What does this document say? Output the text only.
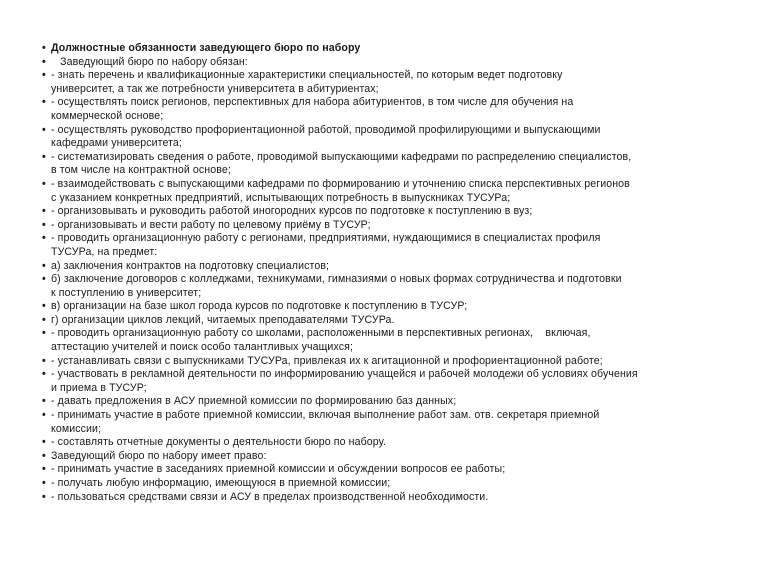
• Должностные обязанности заведующего бюро по набору
•   Заведующий бюро по набору обязан:
• - знать перечень и квалификационные характеристики специальностей, по которым ведет подготовку
университет, а так же потребности университета в абитуриентах;
• - осуществлять поиск регионов, перспективных для набора абитуриентов, в том числе для обучения на
коммерческой основе;
• - осуществлять руководство профориентационной работой, проводимой профилирующими и выпускающими
кафедрами университета;
• - систематизировать сведения о работе, проводимой выпускающими кафедрами по распределению специалистов,
в том числе на контрактной основе;
• - взаимодействовать с выпускающими кафедрами по формированию и уточнению списка перспективных регионов
с указанием конкретных предприятий, испытывающих потребность в выпускниках ТУСУРа;
• - организовывать и руководить работой иногородних курсов по подготовке к поступлению в вуз;
• - организовывать и вести работу по целевому приёму в ТУСУР;
• - проводить организационную работу с регионами, предприятиями, нуждающимися в специалистах профиля
ТУСУРа, на предмет:
• а) заключения контрактов на подготовку специалистов;
• б) заключение договоров с колледжами, техникумами, гимназиями о новых формах сотрудничества и подготовки
к поступлению в университет;
• в) организации на базе школ города курсов по подготовке к поступлению в ТУСУР;
• г) организации циклов лекций, читаемых преподавателями ТУСУРа.
• - проводить организационную работу со школами, расположенными в перспективных регионах,    включая,
аттестацию учителей и поиск особо талантливых учащихся;
• - устанавливать связи с выпускниками ТУСУРа, привлекая их к агитационной и профориентационной работе;
• - участвовать в рекламной деятельности по информированию учащейся и рабочей молодежи об условиях обучения
и приема в ТУСУР;
• - давать предложения в АСУ приемной комиссии по формированию баз данных;
• - принимать участие в работе приемной комиссии, включая выполнение работ зам. отв. секретаря приемной
комиссии;
• - составлять отчетные документы о деятельности бюро по набору.
• Заведующий бюро по набору имеет право:
• - принимать участие в заседаниях приемной комиссии и обсуждении вопросов ее работы;
• - получать любую информацию, имеющуюся в приемной комиссии;
• - пользоваться средствами связи и АСУ в пределах производственной необходимости.
